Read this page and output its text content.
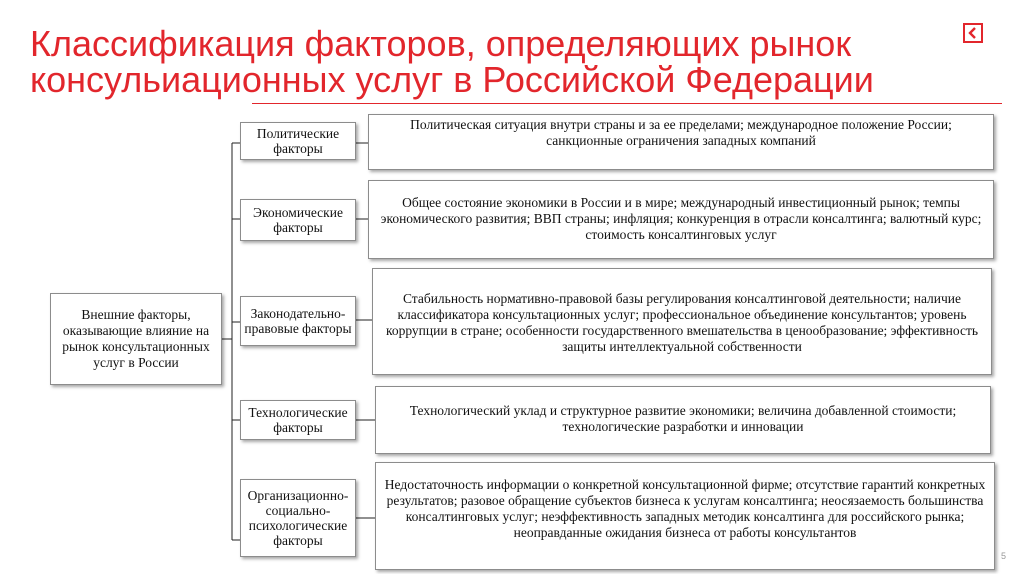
Классификация факторов, определяющих рынок
консульиационных услуг в Российской Федерации
Внешние факторы, оказывающие влияние на рынок консультационных услуг в России
Политические факторы
Политическая ситуация внутри страны и за ее пределами; международное положение России; санкционные ограничения западных компаний
Экономические факторы
Общее состояние экономики в России и в мире; международный инвестиционный рынок; темпы экономического развития; ВВП страны; инфляция; конкуренция в отрасли консалтинга; валютный курс; стоимость консалтинговых услуг
Законодательно-правовые факторы
Стабильность нормативно-правовой базы регулирования консалтинговой деятельности; наличие классификатора консультационных услуг; профессиональное объединение консультантов; уровень коррупции в стране; особенности государственного вмешательства в ценообразование; эффективность защиты интеллектуальной собственности
Технологические факторы
Технологический уклад и структурное развитие экономики; величина добавленной стоимости; технологические разработки и инновации
Организационно-социально-психологические факторы
Недостаточность информации о конкретной консультационной фирме; отсутствие гарантий конкретных результатов; разовое обращение субъектов бизнеса к услугам консалтинга; неосязаемость большинства консалтинговых услуг; неэффективность западных методик консалтинга для российского рынка; неоправданные ожидания бизнеса от работы консультантов
5
